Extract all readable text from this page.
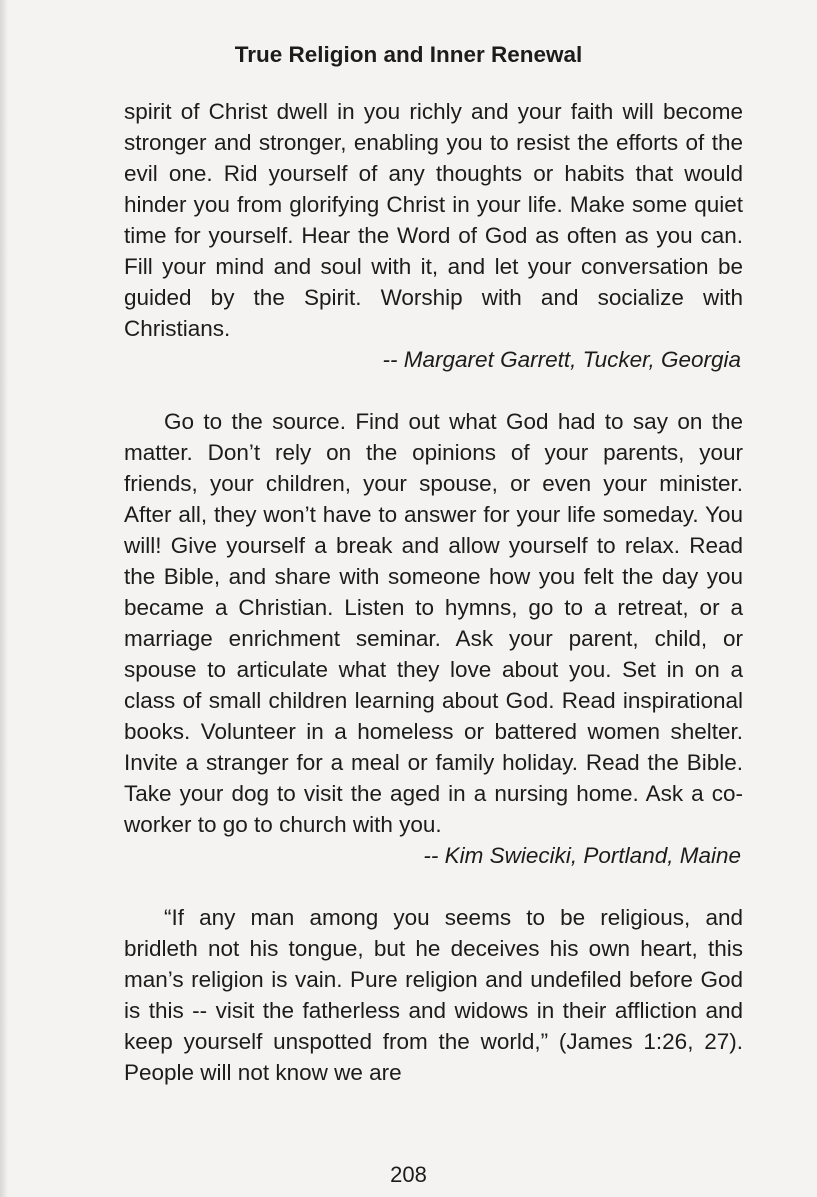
True Religion and Inner Renewal

spirit of Christ dwell in you richly and your faith will become stronger and stronger, enabling you to resist the efforts of the evil one. Rid yourself of any thoughts or habits that would hinder you from glorifying Christ in your life. Make some quiet time for yourself. Hear the Word of God as often as you can. Fill your mind and soul with it, and let your conversation be guided by the Spirit. Worship with and socialize with Christians.

-- Margaret Garrett, Tucker, Georgia

Go to the source. Find out what God had to say on the matter. Don’t rely on the opinions of your parents, your friends, your children, your spouse, or even your minister. After all, they won’t have to answer for your life someday. You will! Give yourself a break and allow yourself to relax. Read the Bible, and share with someone how you felt the day you became a Christian. Listen to hymns, go to a retreat, or a marriage enrichment seminar. Ask your parent, child, or spouse to articulate what they love about you. Set in on a class of small children learning about God. Read inspirational books. Volunteer in a homeless or battered women shelter. Invite a stranger for a meal or family holiday. Read the Bible. Take your dog to visit the aged in a nursing home. Ask a co-worker to go to church with you.

-- Kim Swieciki, Portland, Maine

“If any man among you seems to be religious, and bridleth not his tongue, but he deceives his own heart, this man’s religion is vain. Pure religion and undefiled before God is this -- visit the fatherless and widows in their affliction and keep yourself unspotted from the world,” (James 1:26, 27). People will not know we are

208
